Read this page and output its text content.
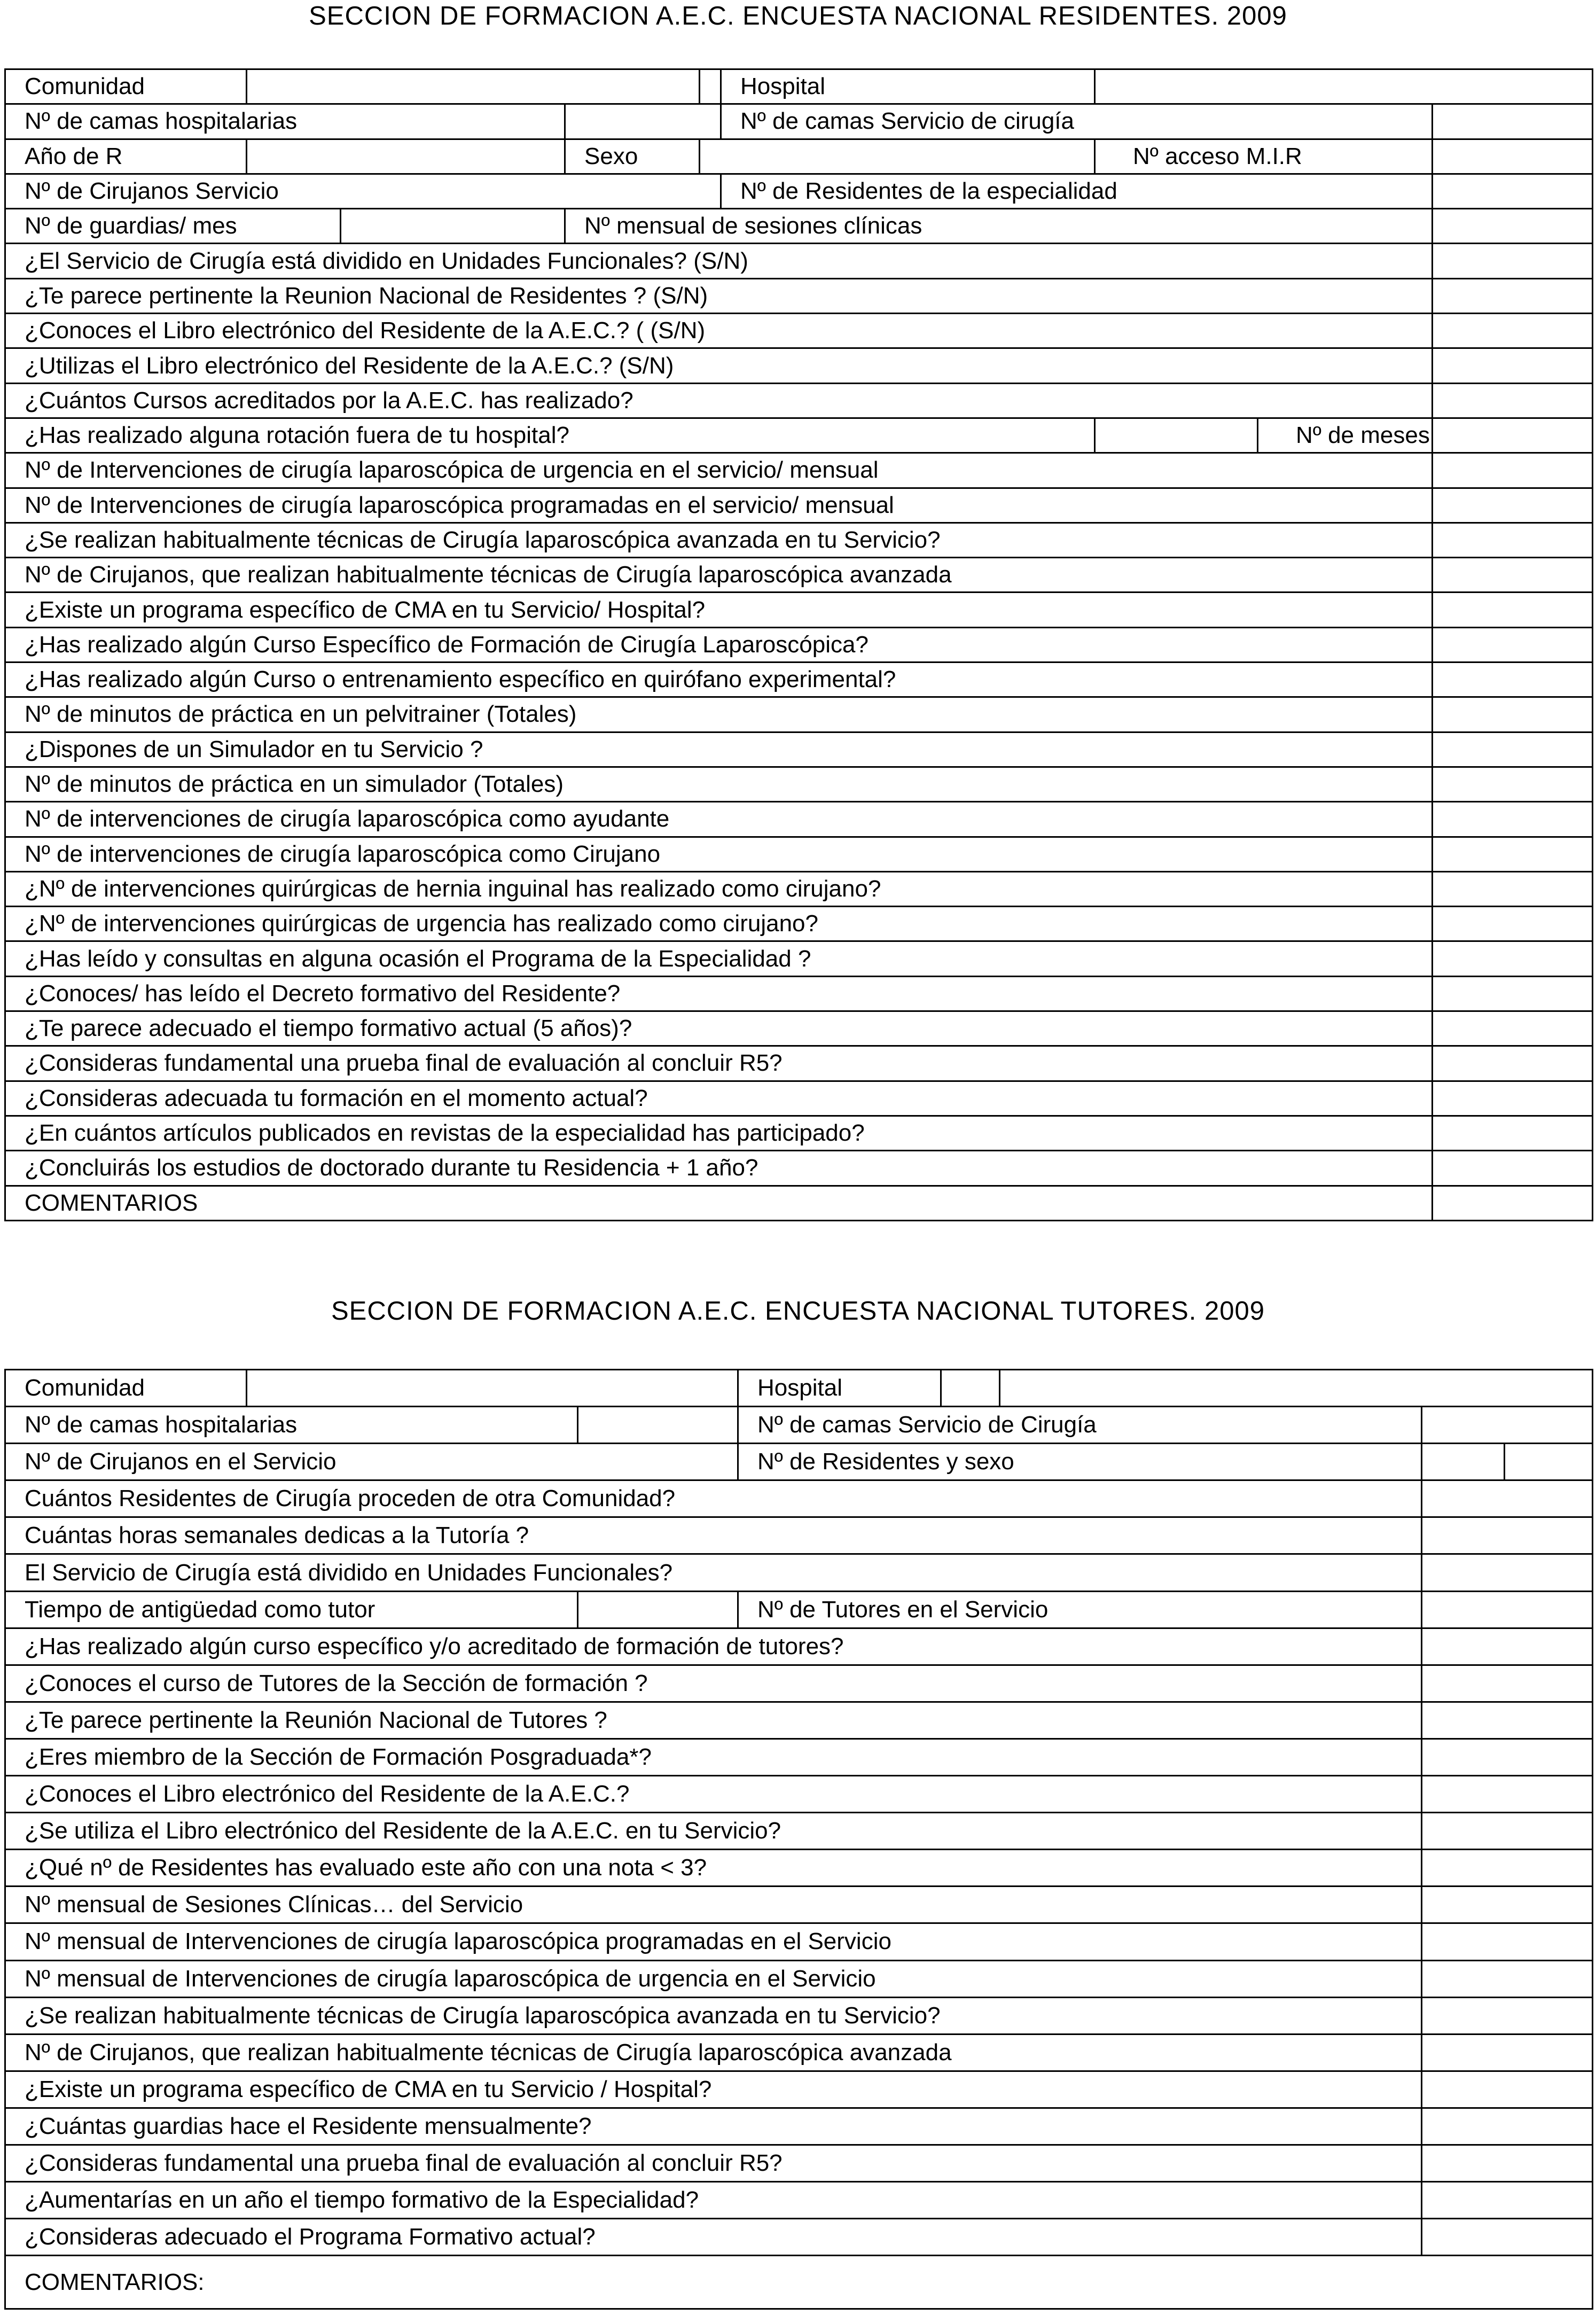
SECCION DE FORMACION A.E.C. ENCUESTA NACIONAL RESIDENTES. 2009
Comunidad					Hospital			
Nº de camas hospitalarias					Nº de camas Servicio de cirugía			
Año de R			Sexo			Nº acceso M.I.R		
Nº de Cirujanos Servicio					Nº de Residentes de la especialidad			
Nº de guardias/ mes			Nº mensual de sesiones clínicas					
¿El Servicio de Cirugía está dividido en Unidades Funcionales? (S/N)								
¿Te parece pertinente la Reunion Nacional de Residentes ? (S/N)								
¿Conoces el Libro electrónico del Residente de la A.E.C.? ( (S/N)								
¿Utilizas el Libro electrónico del Residente de la A.E.C.? (S/N)								
¿Cuántos Cursos acreditados por la A.E.C. has realizado?								
¿Has realizado alguna rotación fuera de tu hospital?							Nº de meses	
Nº de Intervenciones de cirugía laparoscópica de urgencia en el servicio/ mensual								
Nº de Intervenciones de cirugía laparoscópica programadas en el servicio/ mensual								
¿Se realizan habitualmente técnicas de Cirugía laparoscópica avanzada en tu Servicio?								
Nº de Cirujanos, que realizan habitualmente técnicas de Cirugía laparoscópica avanzada								
¿Existe un programa específico de CMA en tu Servicio/ Hospital?								
¿Has realizado algún Curso Específico de Formación de Cirugía Laparoscópica?								
¿Has realizado algún Curso o entrenamiento específico en quirófano experimental?								
Nº de minutos de práctica en un pelvitrainer (Totales)								
¿Dispones de un Simulador en tu Servicio ?								
Nº de minutos de práctica en un simulador (Totales)								
Nº de intervenciones de cirugía laparoscópica como ayudante								
Nº de intervenciones de cirugía laparoscópica como Cirujano								
¿Nº de intervenciones quirúrgicas de hernia inguinal has realizado como cirujano?								
¿Nº de intervenciones quirúrgicas de urgencia has realizado como cirujano?								
¿Has leído y consultas en alguna ocasión el Programa de la Especialidad ?								
¿Conoces/ has leído el Decreto formativo del Residente?								
¿Te parece adecuado el tiempo formativo actual (5 años)?								
¿Consideras fundamental una prueba final de evaluación al concluir R5?								
¿Consideras adecuada tu formación en el momento actual?								
¿En cuántos artículos publicados en revistas de la especialidad has participado?								
¿Concluirás los estudios de doctorado durante tu Residencia + 1 año?								
COMENTARIOS								
SECCION DE FORMACION A.E.C. ENCUESTA NACIONAL TUTORES. 2009
Comunidad			Hospital				
Nº de camas hospitalarias			Nº de camas Servicio de Cirugía				
Nº de Cirujanos en el Servicio			Nº de Residentes y sexo				
Cuántos Residentes de Cirugía proceden de otra Comunidad?							
Cuántas horas semanales dedicas a la Tutoría ?							
El Servicio de Cirugía está dividido en Unidades Funcionales?							
Tiempo de antigüedad como tutor			Nº de Tutores en el Servicio				
¿Has realizado algún curso específico y/o acreditado de formación de tutores?							
¿Conoces el curso de Tutores de la Sección de formación ?							
¿Te parece pertinente la Reunión Nacional de Tutores ?							
¿Eres miembro de la Sección de Formación Posgraduada*?							
¿Conoces el Libro electrónico del Residente de la A.E.C.?							
¿Se utiliza el Libro electrónico del Residente de la A.E.C. en tu Servicio?							
¿Qué nº de Residentes has evaluado este año con una nota < 3?							
Nº mensual de Sesiones Clínicas… del Servicio							
Nº mensual de Intervenciones de cirugía laparoscópica programadas en el Servicio							
Nº mensual de Intervenciones de cirugía laparoscópica de urgencia en el Servicio							
¿Se realizan habitualmente técnicas de Cirugía laparoscópica avanzada en tu Servicio?							
Nº de Cirujanos, que realizan habitualmente técnicas de Cirugía laparoscópica avanzada							
¿Existe un programa específico de CMA en tu Servicio / Hospital?							
¿Cuántas guardias hace el Residente mensualmente?							
¿Consideras fundamental una prueba final de evaluación al concluir R5?							
¿Aumentarías en un año el tiempo formativo de la Especialidad?							
¿Consideras adecuado el Programa Formativo actual?							
COMENTARIOS:							
